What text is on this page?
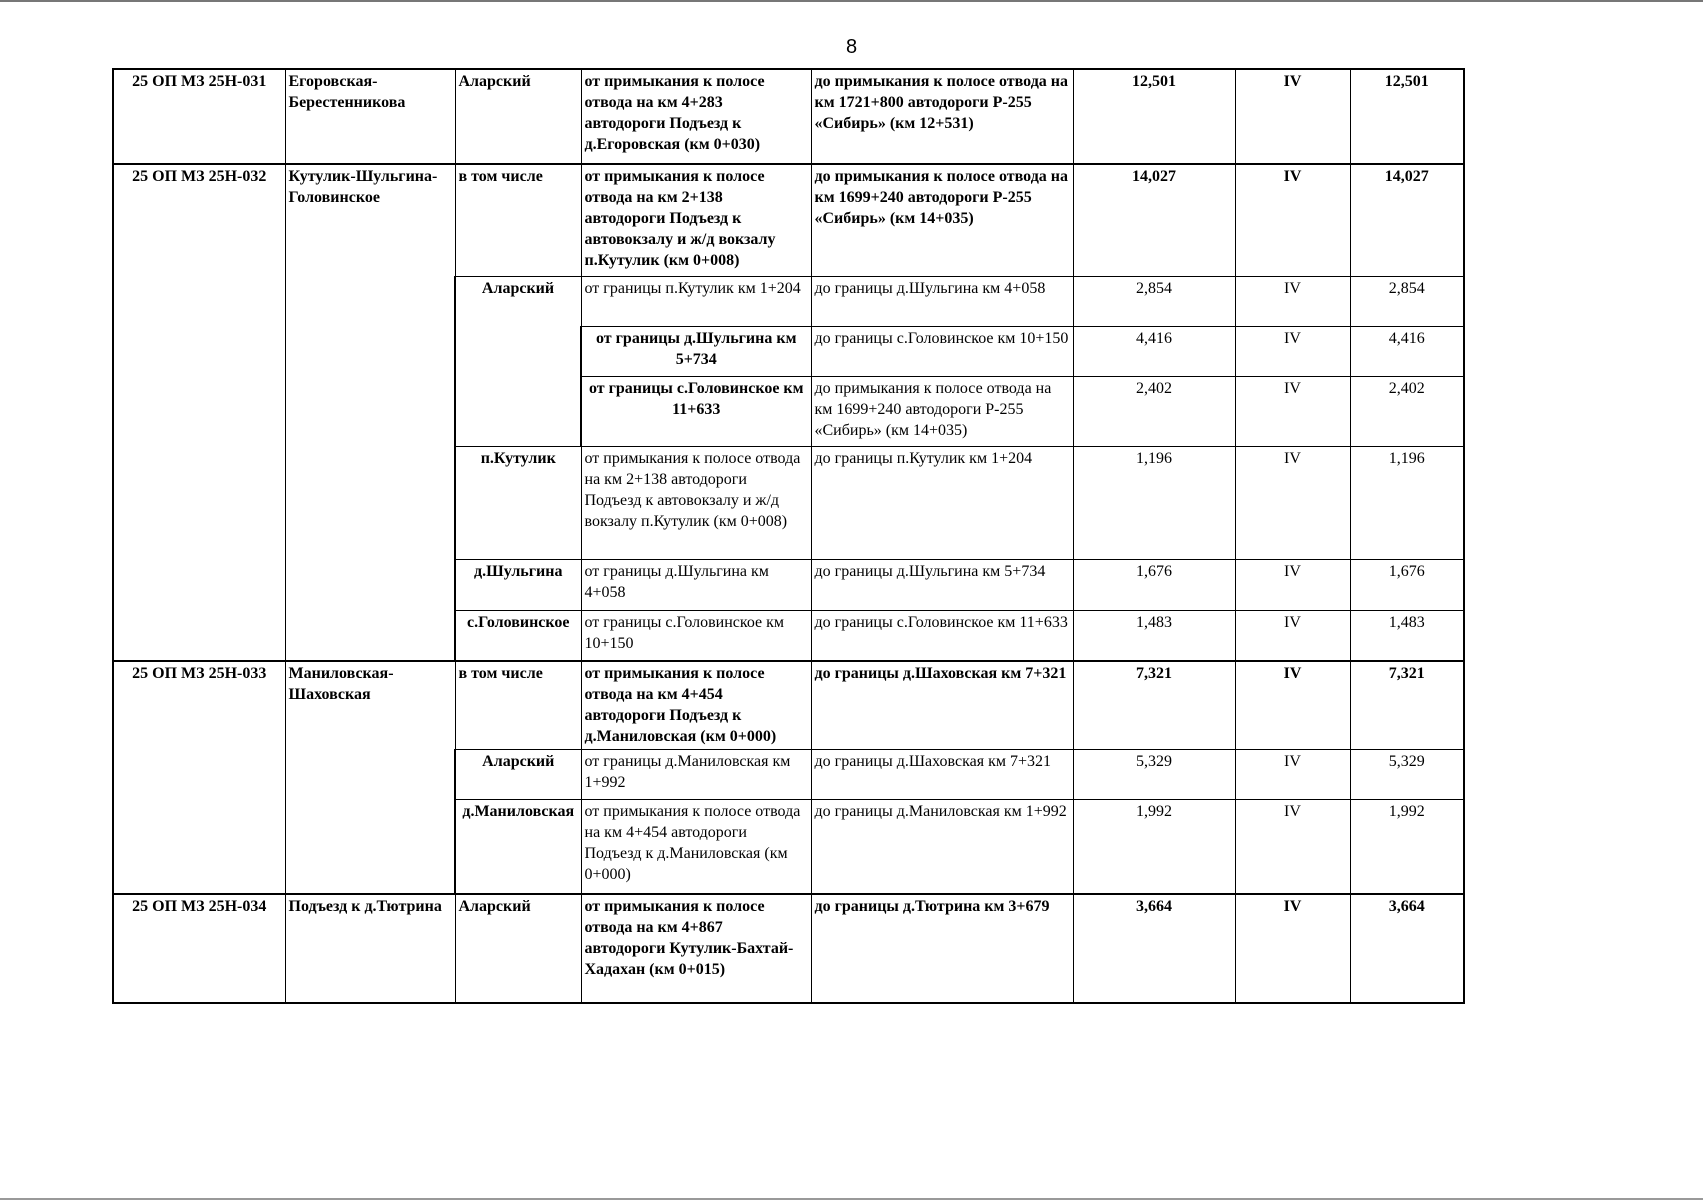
8
25 ОП МЗ 25Н-031	Егоровская-Берестенникова	Аларский	от примыкания к полосе отвода на км 4+283 автодороги Подъезд к д.Егоровская (км 0+030)	до примыкания к полосе отвода на км 1721+800 автодороги Р-255 «Сибирь» (км 12+531)	12,501	IV	12,501
25 ОП МЗ 25Н-032	Кутулик-Шульгина-Головинское	в том числе	от примыкания к полосе отвода на км 2+138 автодороги Подъезд к автовокзалу и ж/д вокзалу п.Кутулик (км 0+008)	до примыкания к полосе отвода на км 1699+240 автодороги Р-255 «Сибирь» (км 14+035)	14,027	IV	14,027
		Аларский	от границы п.Кутулик км 1+204	до границы д.Шульгина км 4+058	2,854	IV	2,854
			от границы д.Шульгина км 5+734	до границы с.Головинское км 10+150	4,416	IV	4,416
			от границы с.Головинское км 11+633	до примыкания к полосе отвода на км 1699+240 автодороги Р-255 «Сибирь» (км 14+035)	2,402	IV	2,402
		п.Кутулик	от примыкания к полосе отвода на км 2+138 автодороги Подъезд к автовокзалу и ж/д вокзалу п.Кутулик (км 0+008)	до границы п.Кутулик км 1+204	1,196	IV	1,196
		д.Шульгина	от границы д.Шульгина км 4+058	до границы д.Шульгина км 5+734	1,676	IV	1,676
		с.Головинское	от границы с.Головинское км 10+150	до границы с.Головинское км 11+633	1,483	IV	1,483
25 ОП МЗ 25Н-033	Маниловская-Шаховская	в том числе	от примыкания к полосе отвода на км 4+454 автодороги Подъезд к д.Маниловская (км 0+000)	до границы д.Шаховская км 7+321	7,321	IV	7,321
		Аларский	от границы д.Маниловская км 1+992	до границы д.Шаховская км 7+321	5,329	IV	5,329
		д.Маниловская	от примыкания к полосе отвода на км 4+454 автодороги Подъезд к д.Маниловская (км 0+000)	до границы д.Маниловская км 1+992	1,992	IV	1,992
25 ОП МЗ 25Н-034	Подъезд к д.Тютрина	Аларский	от примыкания к полосе отвода на км 4+867 автодороги Кутулик-Бахтай-Хадахан (км 0+015)	до границы д.Тютрина км 3+679	3,664	IV	3,664
